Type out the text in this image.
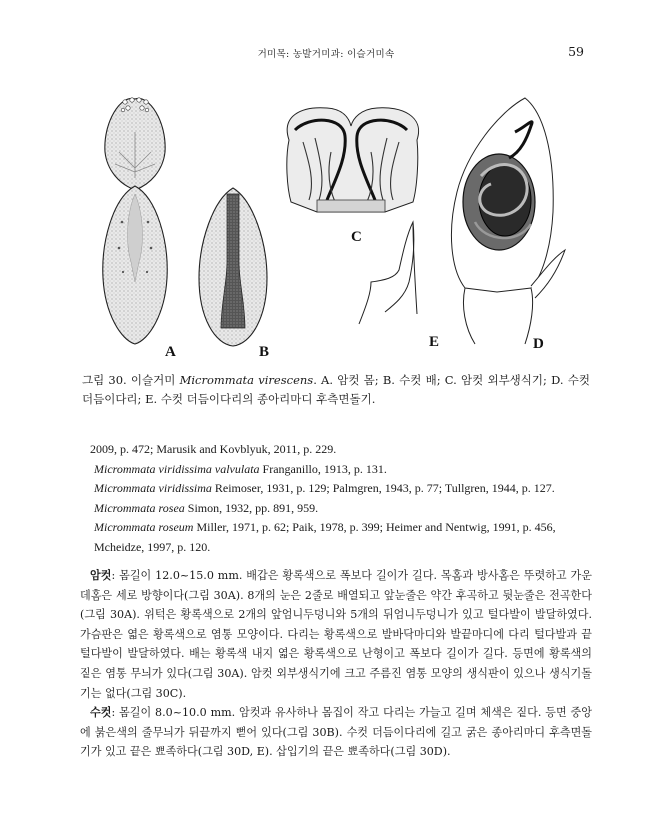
거미목: 농발거미과: 이슬거미속	59
A	B
C
D
E
그림 30. 이슬거미 Micrommata virescens. A. 암컷 몸; B. 수컷 배; C. 암컷 외부생식기; D. 수컷 더듬이다리; E. 수컷 더듬이다리의 종아리마디 후측면돌기.

2009, p. 472; Marusik and Kovblyuk, 2011, p. 229.

Micrommata viridissima valvulata Franganillo, 1913, p. 131.

Micrommata viridissima Reimoser, 1931, p. 129; Palmgren, 1943, p. 77; Tullgren, 1944, p. 127.

Micrommata rosea Simon, 1932, pp. 891, 959.

Micrommata roseum Miller, 1971, p. 62; Paik, 1978, p. 399; Heimer and Nentwig, 1991, p. 456, Mcheidze, 1997, p. 120.

암컷: 몸길이 12.0~15.0 mm. 배갑은 황록색으로 폭보다 길이가 길다. 목홈과 방사홈은 뚜렷하고 가운데홈은 세로 방향이다(그림 30A). 8개의 눈은 2줄로 배열되고 앞눈줄은 약간 후곡하고 뒷눈줄은 전곡한다(그림 30A). 위턱은 황록색으로 2개의 앞엄니두덩니와 5개의 뒤엄니두덩니가 있고 털다발이 발달하였다. 가슴판은 엷은 황록색으로 염통 모양이다. 다리는 황록색으로 발바닥마디와 발끝마디에 다리 털다발과 끝털다발이 발달하였다. 배는 황록색 내지 엷은 황록색으로 난형이고 폭보다 길이가 길다. 등면에 황록색의 짙은 염통 무늬가 있다(그림 30A). 암컷 외부생식기에 크고 주름진 염통 모양의 생식판이 있으나 생식기돌기는 없다(그림 30C).

수컷: 몸길이 8.0~10.0 mm. 암컷과 유사하나 몸집이 작고 다리는 가늘고 길며 체색은 짙다. 등면 중앙에 붉은색의 줄무늬가 뒤끝까지 뻗어 있다(그림 30B). 수컷 더듬이다리에 길고 굵은 종아리마디 후측면돌기가 있고 끝은 뾰족하다(그림 30D, E). 삽입기의 끝은 뾰족하다(그림 30D).
